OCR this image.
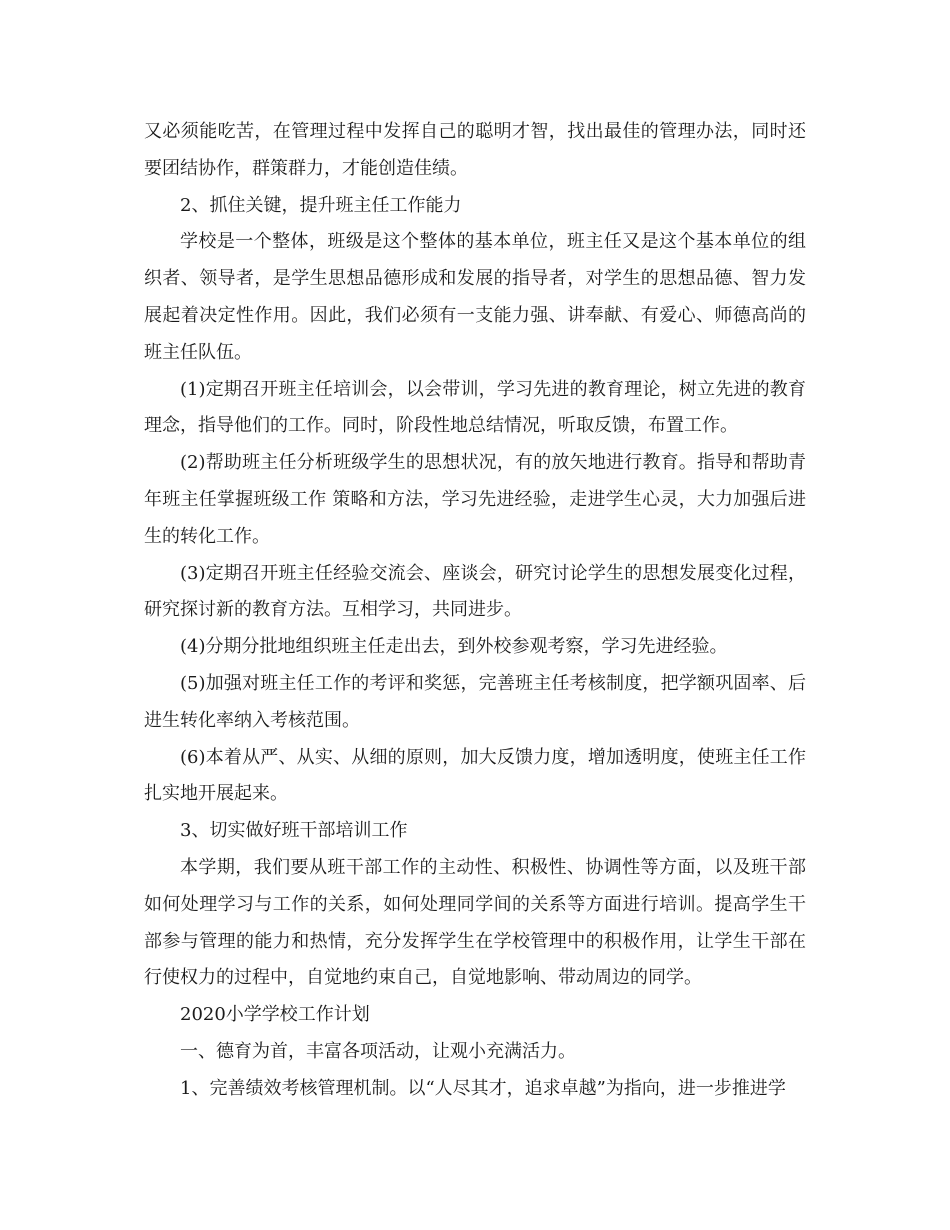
又必须能吃苦，在管理过程中发挥自己的聪明才智，找出最佳的管理办法，同时还要团结协作，群策群力，才能创造佳绩。

2、抓住关键，提升班主任工作能力

学校是一个整体，班级是这个整体的基本单位，班主任又是这个基本单位的组织者、领导者，是学生思想品德形成和发展的指导者，对学生的思想品德、智力发展起着决定性作用。因此，我们必须有一支能力强、讲奉献、有爱心、师德高尚的班主任队伍。

(1)定期召开班主任培训会，以会带训，学习先进的教育理论，树立先进的教育理念，指导他们的工作。同时，阶段性地总结情况，听取反馈，布置工作。

(2)帮助班主任分析班级学生的思想状况，有的放矢地进行教育。指导和帮助青年班主任掌握班级工作 策略和方法，学习先进经验，走进学生心灵，大力加强后进生的转化工作。

(3)定期召开班主任经验交流会、座谈会，研究讨论学生的思想发展变化过程，研究探讨新的教育方法。互相学习，共同进步。

(4)分期分批地组织班主任走出去，到外校参观考察，学习先进经验。

(5)加强对班主任工作的考评和奖惩，完善班主任考核制度，把学额巩固率、后进生转化率纳入考核范围。

(6)本着从严、从实、从细的原则，加大反馈力度，增加透明度，使班主任工作扎实地开展起来。

3、切实做好班干部培训工作

本学期，我们要从班干部工作的主动性、积极性、协调性等方面，以及班干部如何处理学习与工作的关系，如何处理同学间的关系等方面进行培训。提高学生干部参与管理的能力和热情，充分发挥学生在学校管理中的积极作用，让学生干部在行使权力的过程中，自觉地约束自己，自觉地影响、带动周边的同学。

2020小学学校工作计划

一、德育为首，丰富各项活动，让观小充满活力。

1、完善绩效考核管理机制。以“人尽其才，追求卓越”为指向，进一步推进学
